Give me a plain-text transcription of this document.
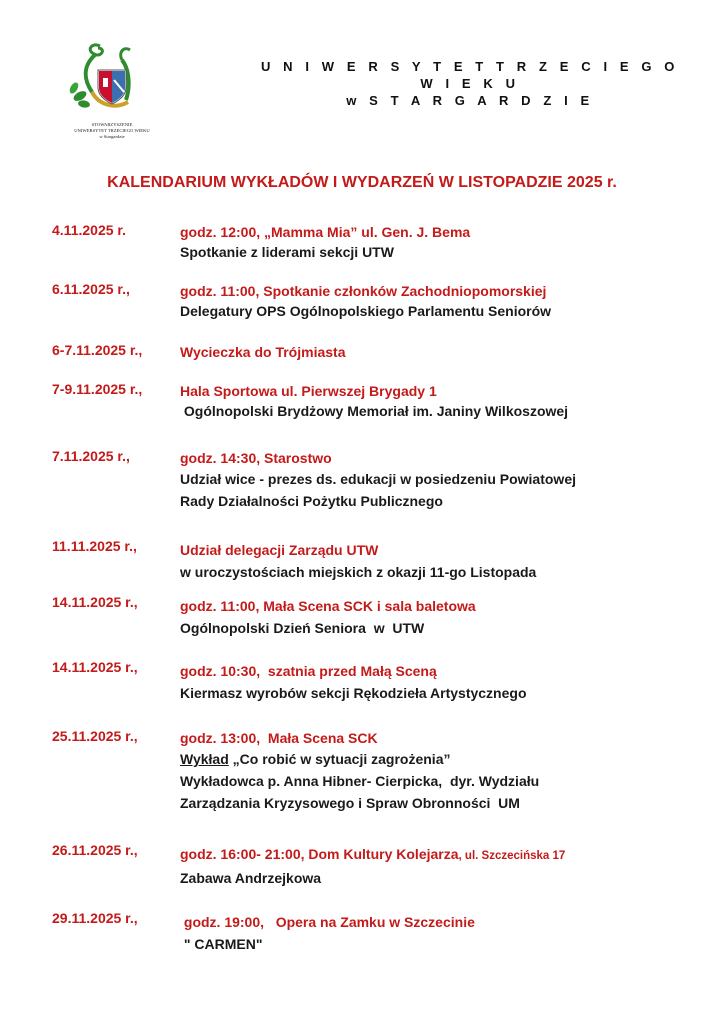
STOWARZYSZENIE
UNIWERSYTET TRZECIEGO WIEKU
w Stargardzie
U N I W E R S Y T E T T R Z E C I E G O W I E K U
w S T A R G A R D Z I E
KALENDARIUM WYKŁADÓW I WYDARZEŃ W LISTOPADZIE 2025 r.
4.11.2025 r.	godz. 12:00, „Mamma Mia” ul. Gen. J. Bema
Spotkanie z liderami sekcji UTW
6.11.2025 r.,	godz. 11:00, Spotkanie członków Zachodniopomorskiej
Delegatury OPS Ogólnopolskiego Parlamentu Seniorów
6-7.11.2025 r.,	Wycieczka do Trójmiasta
7-9.11.2025 r.,	Hala Sportowa ul. Pierwszej Brygady 1
Ogólnopolski Brydżowy Memoriał im. Janiny Wilkoszowej
7.11.2025 r.,	godz. 14:30, Starostwo
Udział wice - prezes ds. edukacji w posiedzeniu Powiatowej
Rady Działalności Pożytku Publicznego
11.11.2025 r.,	Udział delegacji Zarządu UTW
w uroczystościach miejskich z okazji 11-go Listopada
14.11.2025 r.,	godz. 11:00, Mała Scena SCK i sala baletowa
Ogólnopolski Dzień Seniora  w  UTW
14.11.2025 r.,	godz. 10:30,  szatnia przed Małą Sceną
Kiermasz wyrobów sekcji Rękodzieła Artystycznego
25.11.2025 r.,	godz. 13:00,  Mała Scena SCK
Wykład „Co robić w sytuacji zagrożenia”
Wykładowca p. Anna Hibner- Cierpicka,  dyr. Wydziału
Zarządzania Kryzysowego i Spraw Obronności  UM
26.11.2025 r.,	godz. 16:00- 21:00, Dom Kultury Kolejarza, ul. Szczecińska 17
Zabawa Andrzejkowa
29.11.2025 r.,	godz. 19:00,   Opera na Zamku w Szczecinie
" CARMEN"
